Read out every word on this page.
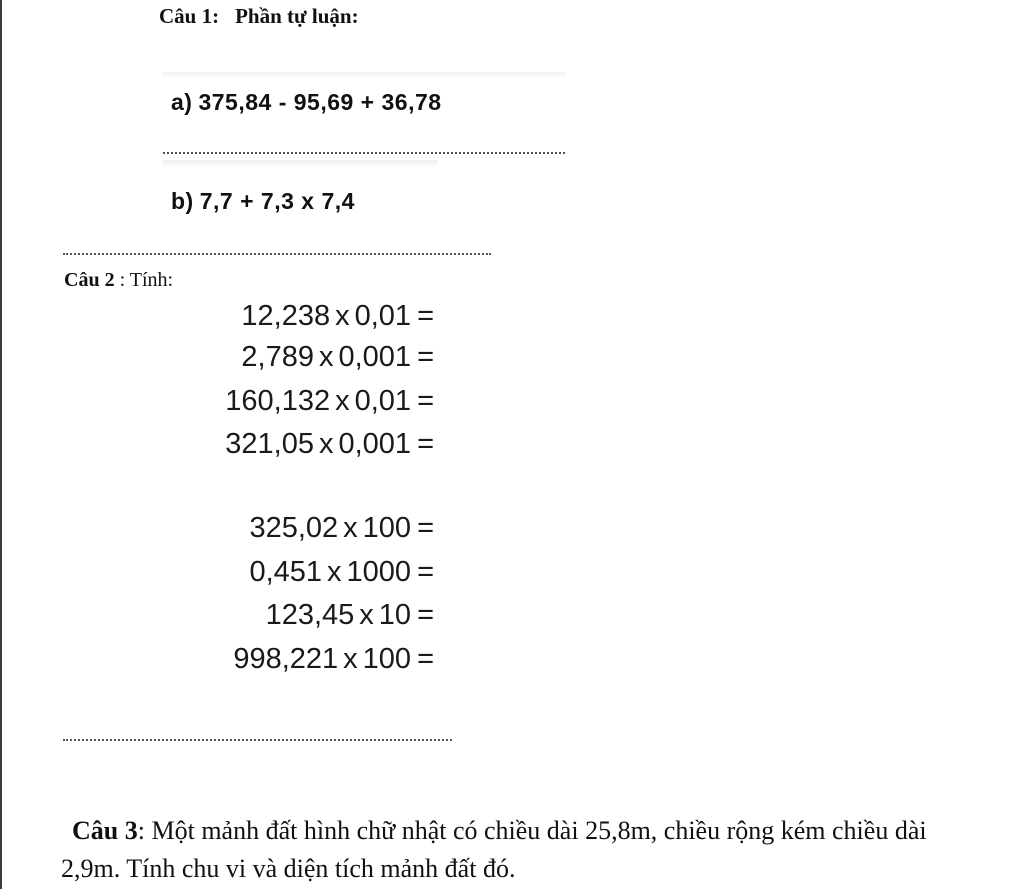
Câu 1: Phần tự luận:
a) 375,84 - 95,69 + 36,78
b) 7,7 + 7,3 x 7,4
Câu 2 : Tính:
12,238 x 0,01 =
2,789 x 0,001 =
160,132 x 0,01 =
321,05 x 0,001 =
325,02 x 100 =
0,451 x 1000 =
123,45 x 10 =
998,221 x 100 =
Câu 3: Một mảnh đất hình chữ nhật có chiều dài 25,8m, chiều rộng kém chiều dài 2,9m. Tính chu vi và diện tích mảnh đất đó.
